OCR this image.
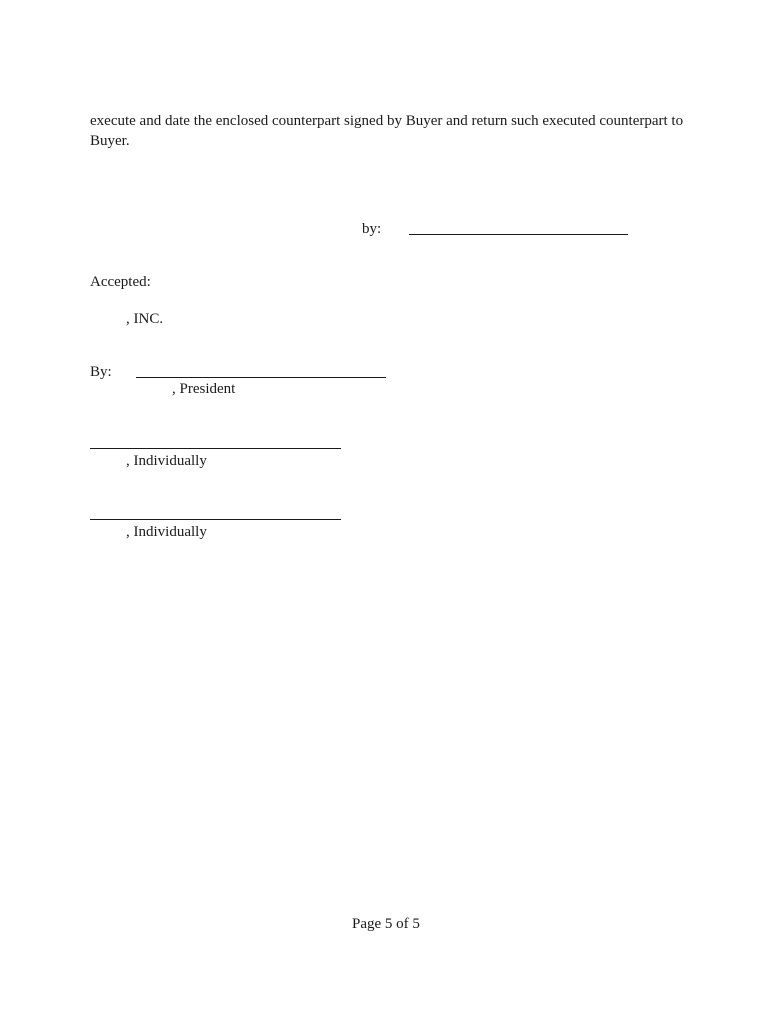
execute and date the enclosed counterpart signed by Buyer and return such executed counterpart to
Buyer.
by:
Accepted:
, INC.
By:
, President
, Individually
, Individually
Page 5 of 5
